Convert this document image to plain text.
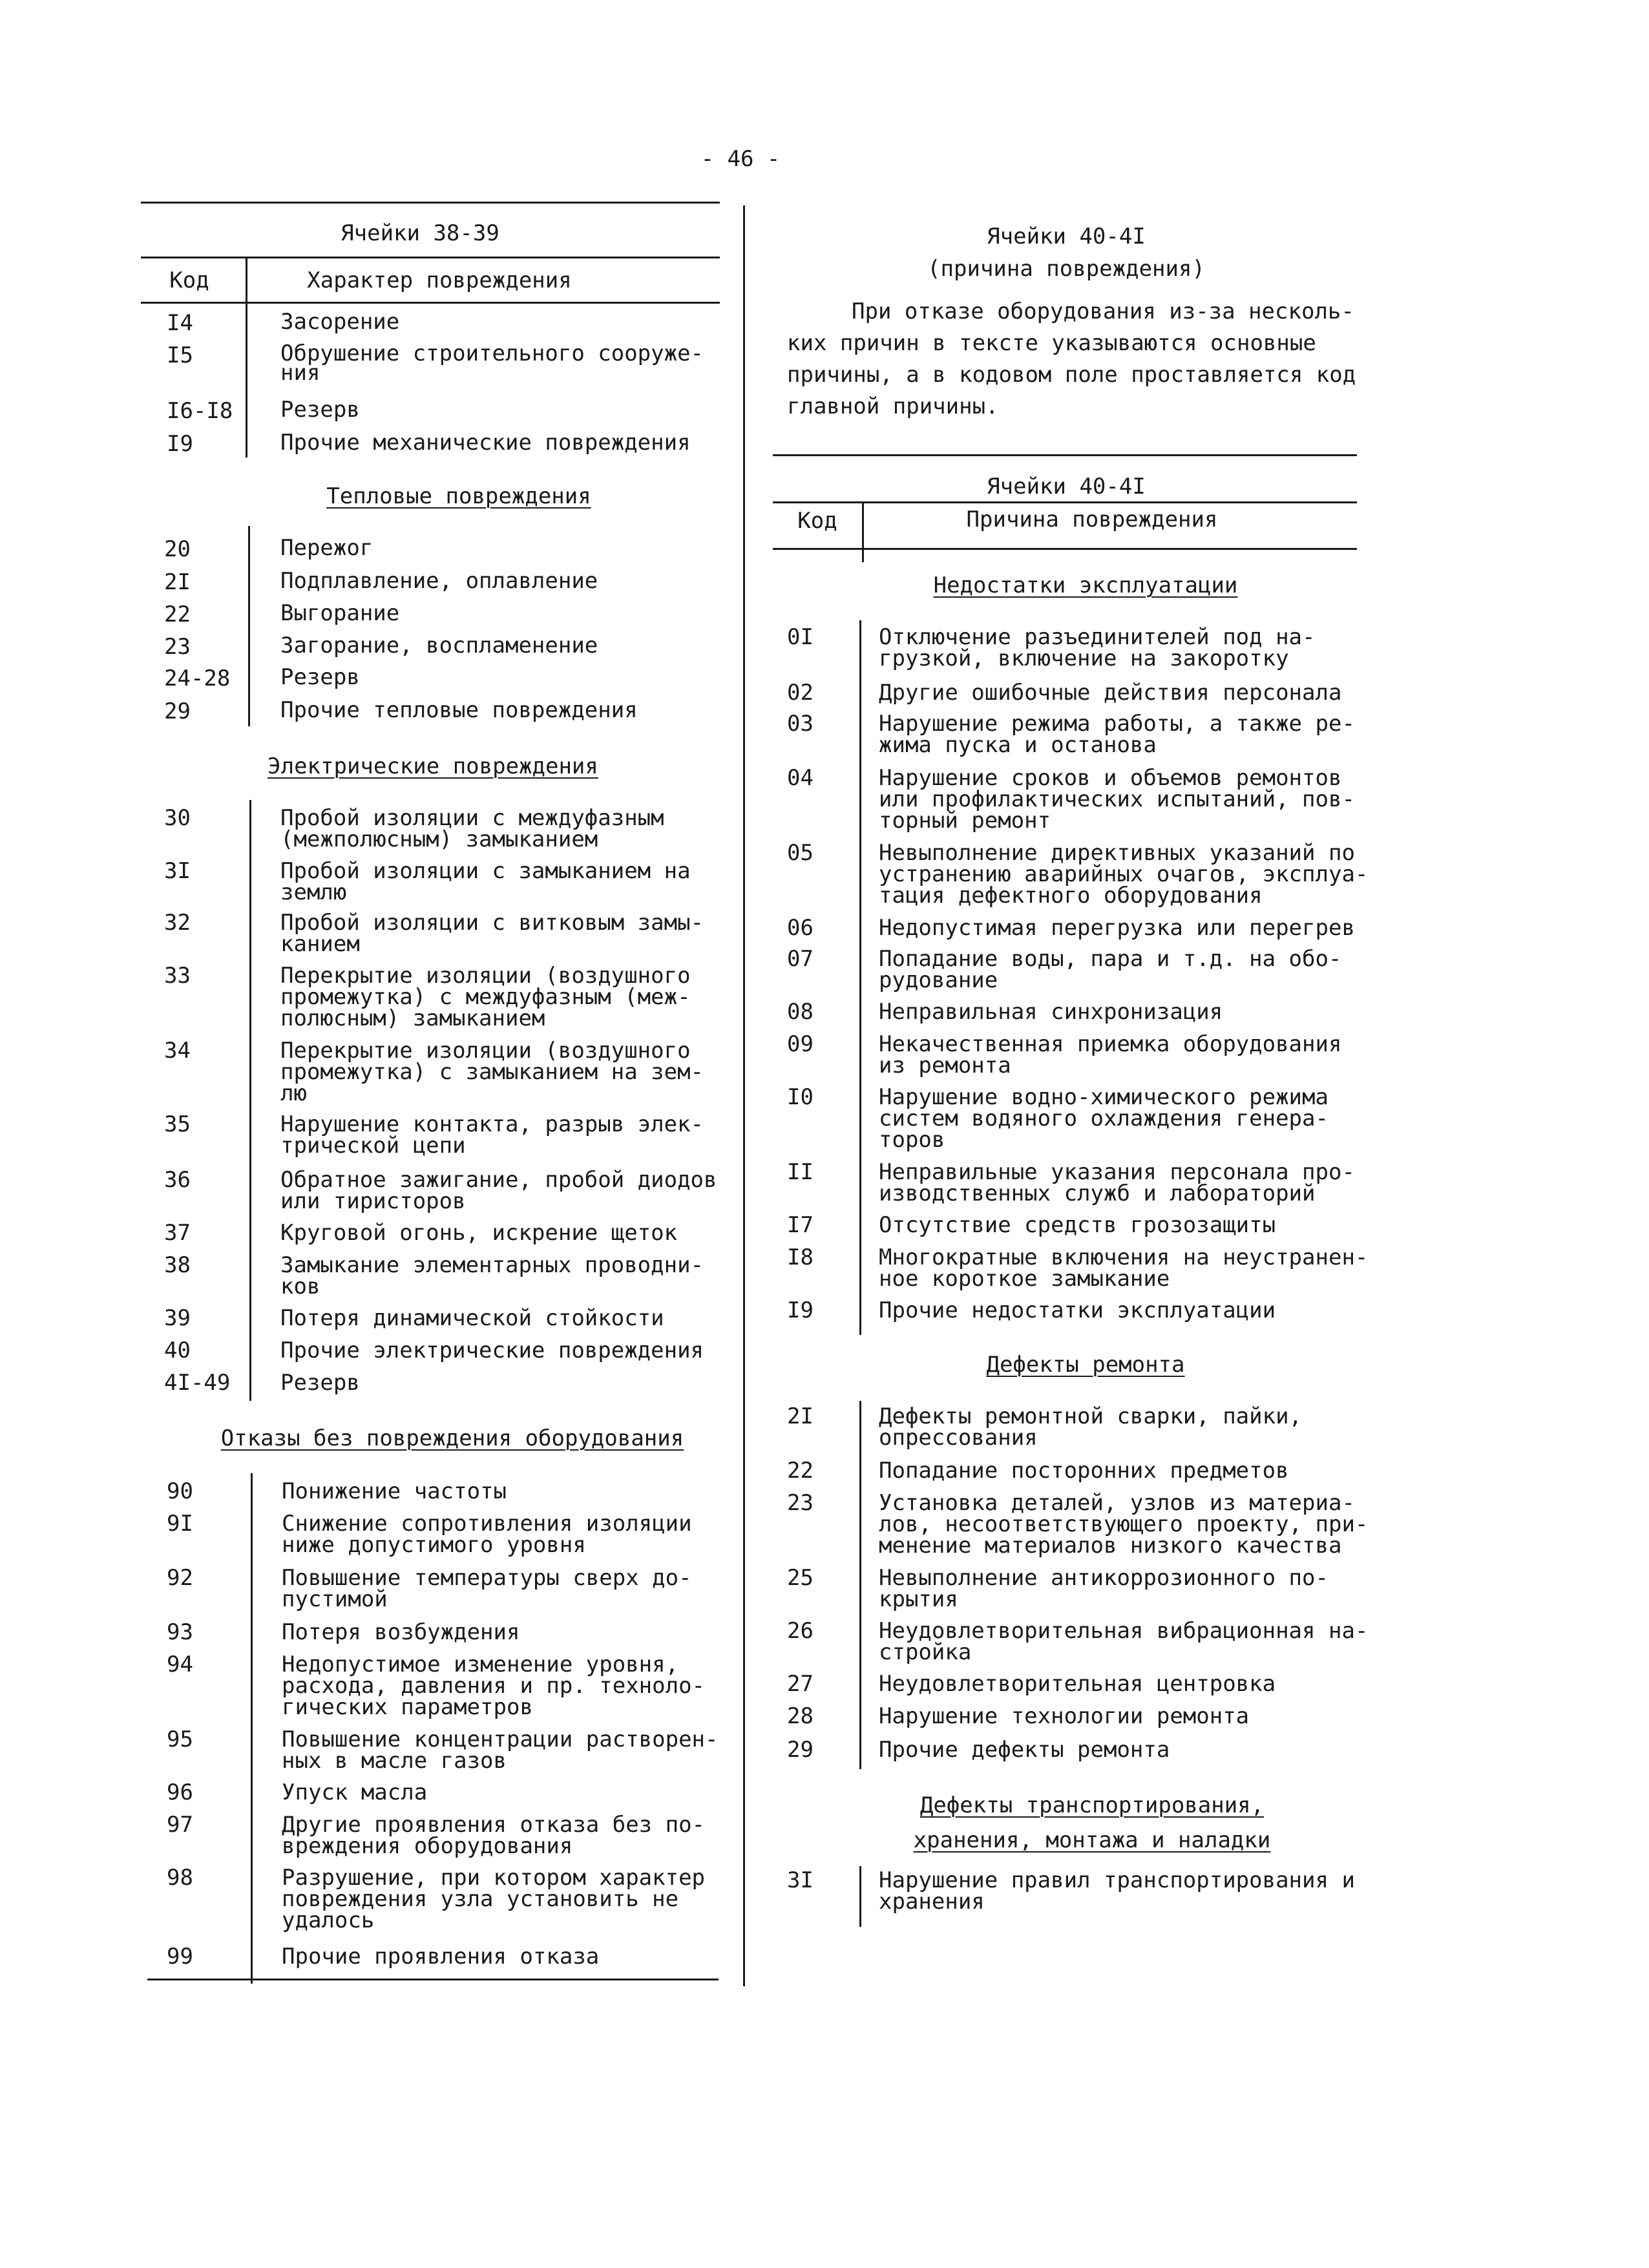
- 46 -
Ячейки 38-39
Код	Характер повреждения
I4	Засорение
I5	Обрушение строительного сооруже-
ния
I6-I8 Резерв
I9	Прочие механические повреждения
Тепловые повреждения
20	Пережог
2I	Подплавление, оплавление
22	Выгорание
23	Загорание, воспламенение
24-28 Резерв
29	Прочие тепловые повреждения
Электрические повреждения
30	Пробой изоляции с междуфазным
(межполюсным) замыканием
3I	Пробой изоляции с замыканием на
землю
32	Пробой изоляции с витковым замы-
канием
33	Перекрытие изоляции (воздушного
промежутка) с междуфазным (меж-
полюсным) замыканием
34	Перекрытие изоляции (воздушного
промежутка) с замыканием на зем-
лю
35	Нарушение контакта, разрыв элек-
трической цепи
36	Обратное зажигание, пробой диодов
или тиристоров
37	Круговой огонь, искрение щеток
38	Замыкание элементарных проводни-
ков
39	Потеря динамической стойкости
40	Прочие электрические повреждения
4I-49 Резерв
Отказы без повреждения оборудования
90	Понижение частоты
9I	Снижение сопротивления изоляции
ниже допустимого уровня
92	Повышение температуры сверх до-
пустимой
93	Потеря возбуждения
94	Недопустимое изменение уровня,
расхода, давления и пр. техноло-
гических параметров
95	Повышение концентрации растворен-
ных в масле газов
96	Упуск масла
97	Другие проявления отказа без по-
вреждения оборудования
98	Разрушение, при котором характер
повреждения узла установить не
удалось
99	Прочие проявления отказа
Ячейки 40-4I
(причина повреждения)
При отказе оборудования из-за несколь-
ких причин в тексте указываются основные
причины, а в кодовом поле проставляется код
главной причины.
Ячейки 40-4I
Код	Причина повреждения
Недостатки эксплуатации
0I	Отключение разъединителей под на-
грузкой, включение на закоротку
02	Другие ошибочные действия персонала
03	Нарушение режима работы, а также ре-
жима пуска и останова
04	Нарушение сроков и объемов ремонтов
или профилактических испытаний, пов-
торный ремонт
05	Невыполнение директивных указаний по
устранению аварийных очагов, эксплуа-
тация дефектного оборудования
06	Недопустимая перегрузка или перегрев
07	Попадание воды, пара и т.д. на обо-
рудование
08	Неправильная синхронизация
09	Некачественная приемка оборудования
из ремонта
I0	Нарушение водно-химического режима
систем водяного охлаждения генера-
торов
II	Неправильные указания персонала про-
изводственных служб и лабораторий
I7	Отсутствие средств грозозащиты
I8	Многократные включения на неустранен-
ное короткое замыкание
I9	Прочие недостатки эксплуатации
Дефекты ремонта
2I	Дефекты ремонтной сварки, пайки,
опрессования
22	Попадание посторонних предметов
23	Установка деталей, узлов из материа-
лов, несоответствующего проекту, при-
менение материалов низкого качества
25	Невыполнение антикоррозионного по-
крытия
26	Неудовлетворительная вибрационная на-
стройка
27	Неудовлетворительная центровка
28	Нарушение технологии ремонта
29	Прочие дефекты ремонта
Дефекты транспортирования,
хранения, монтажа и наладки
3I	Нарушение правил транспортирования и
хранения
